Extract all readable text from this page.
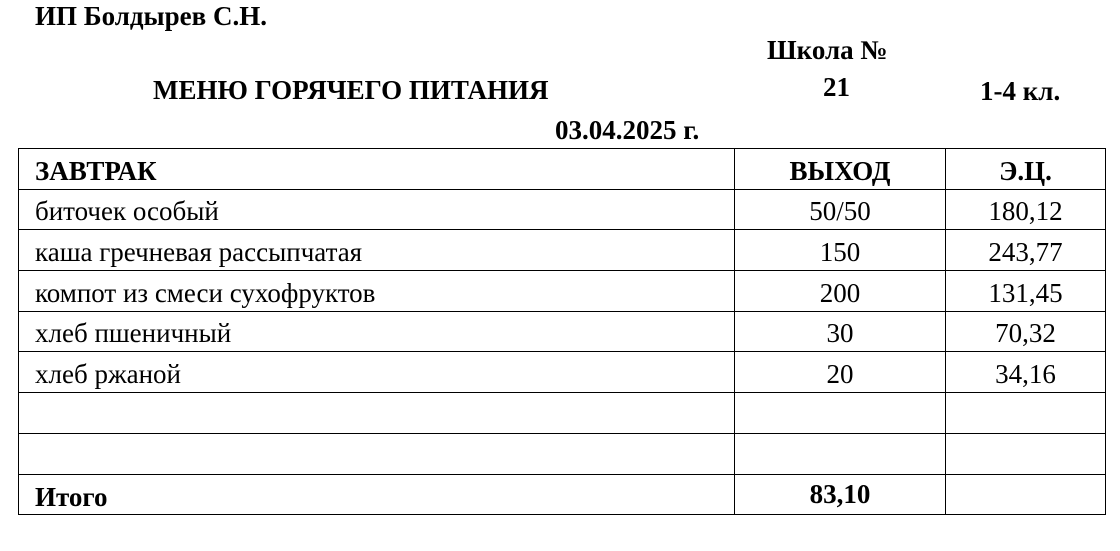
ИП Болдырев С.Н.
Школа №
МЕНЮ ГОРЯЧЕГО ПИТАНИЯ	21	1-4 кл.
03.04.2025 г.
ЗАВТРАК	ВЫХОД	Э.Ц.
биточек особый	50/50	180,12
каша гречневая рассыпчатая	150	243,77
компот из смеси сухофруктов	200	131,45
хлеб пшеничный	30	70,32
хлеб ржаной	20	34,16

Итого	83,10	
